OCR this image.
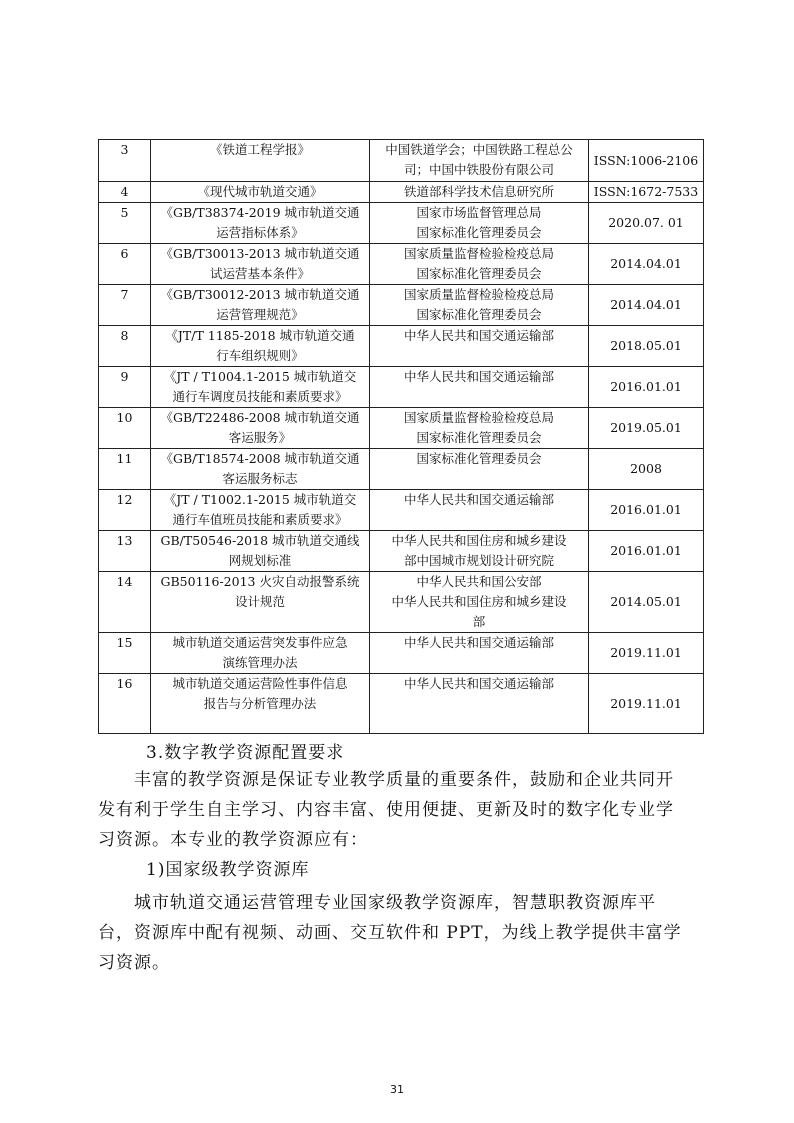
3	《铁道工程学报》	中国铁道学会；中国铁路工程总公
司；中国中铁股份有限公司	ISSN:1006-2106
4	《现代城市轨道交通》	铁道部科学技术信息研究所	ISSN:1672-7533
5	《GB/T38374-2019 城市轨道交通
运营指标体系》	国家市场监督管理总局
国家标准化管理委员会	2020.07. 01
6	《GB/T30013-2013 城市轨道交通
试运营基本条件》	国家质量监督检验检疫总局
国家标准化管理委员会	2014.04.01
7	《GB/T30012-2013 城市轨道交通
运营管理规范》	国家质量监督检验检疫总局
国家标准化管理委员会	2014.04.01
8	《JT/T 1185-2018 城市轨道交通
行车组织规则》	中华人民共和国交通运输部	2018.05.01
9	《JT / T1004.1-2015 城市轨道交
通行车调度员技能和素质要求》	中华人民共和国交通运输部	2016.01.01
10	《GB/T22486-2008 城市轨道交通
客运服务》	国家质量监督检验检疫总局
国家标准化管理委员会	2019.05.01
11	《GB/T18574-2008 城市轨道交通
客运服务标志	国家标准化管理委员会	2008
12	《JT / T1002.1-2015 城市轨道交
通行车值班员技能和素质要求》	中华人民共和国交通运输部	2016.01.01
13	GB/T50546-2018 城市轨道交通线
网规划标准	中华人民共和国住房和城乡建设
部中国城市规划设计研究院	2016.01.01
14	GB50116-2013 火灾自动报警系统
设计规范	中华人民共和国公安部
中华人民共和国住房和城乡建设
部	2014.05.01
15	城市轨道交通运营突发事件应急
演练管理办法	中华人民共和国交通运输部	2019.11.01
16	城市轨道交通运营险性事件信息
报告与分析管理办法	中华人民共和国交通运输部	2019.11.01
3.数字教学资源配置要求
　　丰富的教学资源是保证专业教学质量的重要条件，鼓励和企业共同开
发有利于学生自主学习、内容丰富、使用便捷、更新及时的数字化专业学
习资源。本专业的教学资源应有：
1)国家级教学资源库
　　城市轨道交通运营管理专业国家级教学资源库，智慧职教资源库平
台，资源库中配有视频、动画、交互软件和 PPT，为线上教学提供丰富学
习资源。
31
